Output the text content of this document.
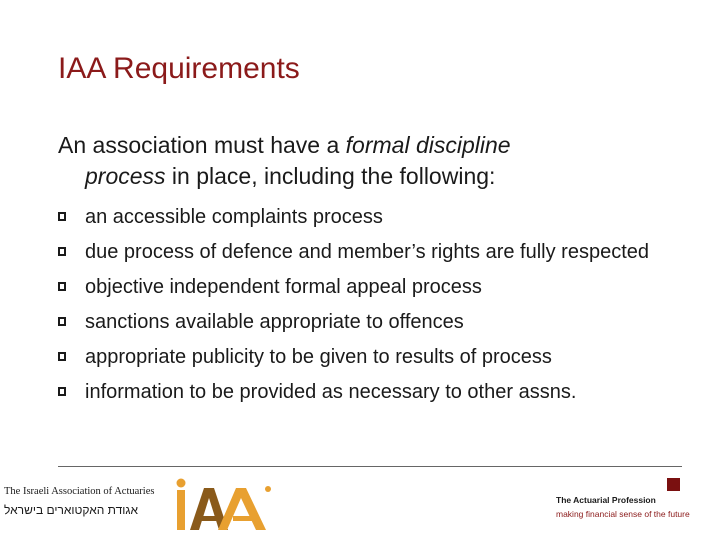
IAA Requirements
An association must have a formal discipline
process in place, including the following:
an accessible complaints process
due process of defence and member’s rights are fully respected
objective independent formal appeal process
sanctions available appropriate to offences
appropriate publicity to be given to results of process
information to be provided as necessary to other assns.
The Israeli Association of Actuaries
אגודת האקטוארים בישראל
The Actuarial Profession
making financial sense of the future
